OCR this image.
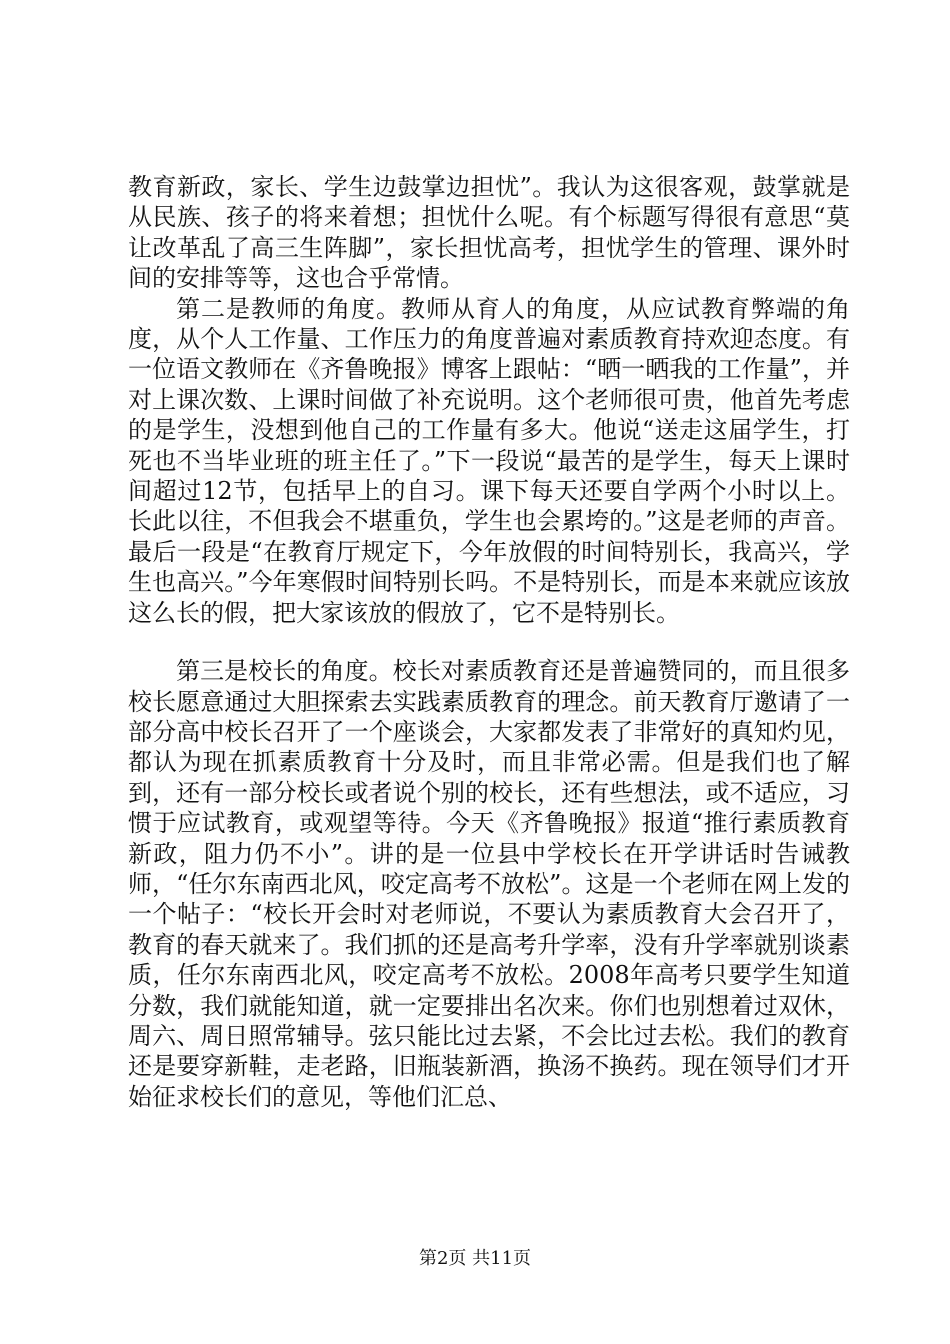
教育新政，家长、学生边鼓掌边担忧”。我认为这很客观，鼓掌就是从民族、孩子的将来着想；担忧什么呢。有个标题写得很有意思“莫让改革乱了高三生阵脚”，家长担忧高考，担忧学生的管理、课外时间的安排等等，这也合乎常情。

第二是教师的角度。教师从育人的角度，从应试教育弊端的角度，从个人工作量、工作压力的角度普遍对素质教育持欢迎态度。有一位语文教师在《齐鲁晚报》博客上跟帖：“晒一晒我的工作量”，并对上课次数、上课时间做了补充说明。这个老师很可贵，他首先考虑的是学生，没想到他自己的工作量有多大。他说“送走这届学生，打死也不当毕业班的班主任了。”下一段说“最苦的是学生，每天上课时间超过12节，包括早上的自习。课下每天还要自学两个小时以上。长此以往，不但我会不堪重负，学生也会累垮的。”这是老师的声音。最后一段是“在教育厅规定下，今年放假的时间特别长，我高兴，学生也高兴。”今年寒假时间特别长吗。不是特别长，而是本来就应该放这么长的假，把大家该放的假放了，它不是特别长。

第三是校长的角度。校长对素质教育还是普遍赞同的，而且很多校长愿意通过大胆探索去实践素质教育的理念。前天教育厅邀请了一部分高中校长召开了一个座谈会，大家都发表了非常好的真知灼见，都认为现在抓素质教育十分及时，而且非常必需。但是我们也了解到，还有一部分校长或者说个别的校长，还有些想法，或不适应，习惯于应试教育，或观望等待。今天《齐鲁晚报》报道“推行素质教育新政，阻力仍不小”。讲的是一位县中学校长在开学讲话时告诫教师，“任尔东南西北风，咬定高考不放松”。这是一个老师在网上发的一个帖子：“校长开会时对老师说，不要认为素质教育大会召开了，教育的春天就来了。我们抓的还是高考升学率，没有升学率就别谈素质，任尔东南西北风，咬定高考不放松。2008年高考只要学生知道分数，我们就能知道，就一定要排出名次来。你们也别想着过双休，周六、周日照常辅导。弦只能比过去紧，不会比过去松。我们的教育还是要穿新鞋，走老路，旧瓶装新酒，换汤不换药。现在领导们才开始征求校长们的意见，等他们汇总、

第2页 共11页
